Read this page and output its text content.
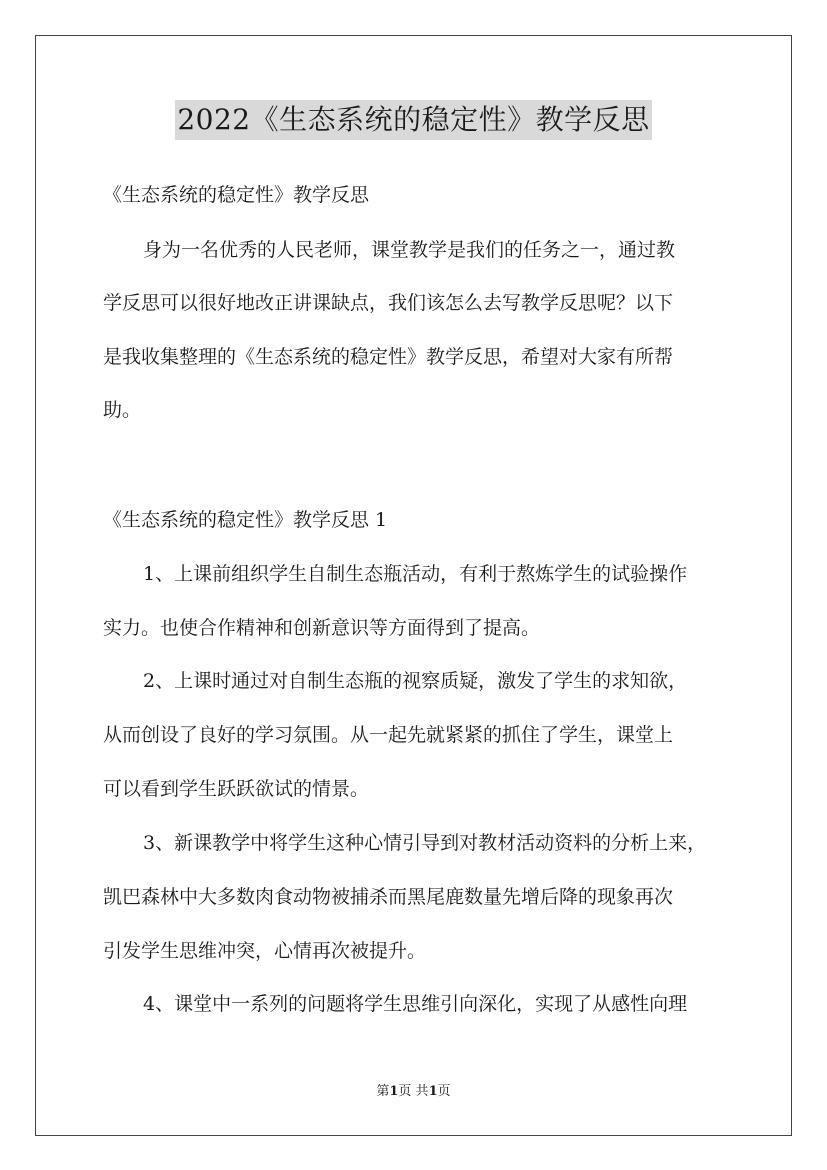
2022《生态系统的稳定性》教学反思
《生态系统的稳定性》教学反思
身为一名优秀的人民老师，课堂教学是我们的任务之一，通过教
学反思可以很好地改正讲课缺点，我们该怎么去写教学反思呢？以下
是我收集整理的《生态系统的稳定性》教学反思，希望对大家有所帮
助。
《生态系统的稳定性》教学反思 1
1、上课前组织学生自制生态瓶活动，有利于熬炼学生的试验操作
实力。也使合作精神和创新意识等方面得到了提高。
2、上课时通过对自制生态瓶的视察质疑，激发了学生的求知欲，
从而创设了良好的学习氛围。从一起先就紧紧的抓住了学生，课堂上
可以看到学生跃跃欲试的情景。
3、新课教学中将学生这种心情引导到对教材活动资料的分析上来，
凯巴森林中大多数肉食动物被捕杀而黑尾鹿数量先增后降的现象再次
引发学生思维冲突，心情再次被提升。
4、课堂中一系列的问题将学生思维引向深化，实现了从感性向理
第1页 共1页
